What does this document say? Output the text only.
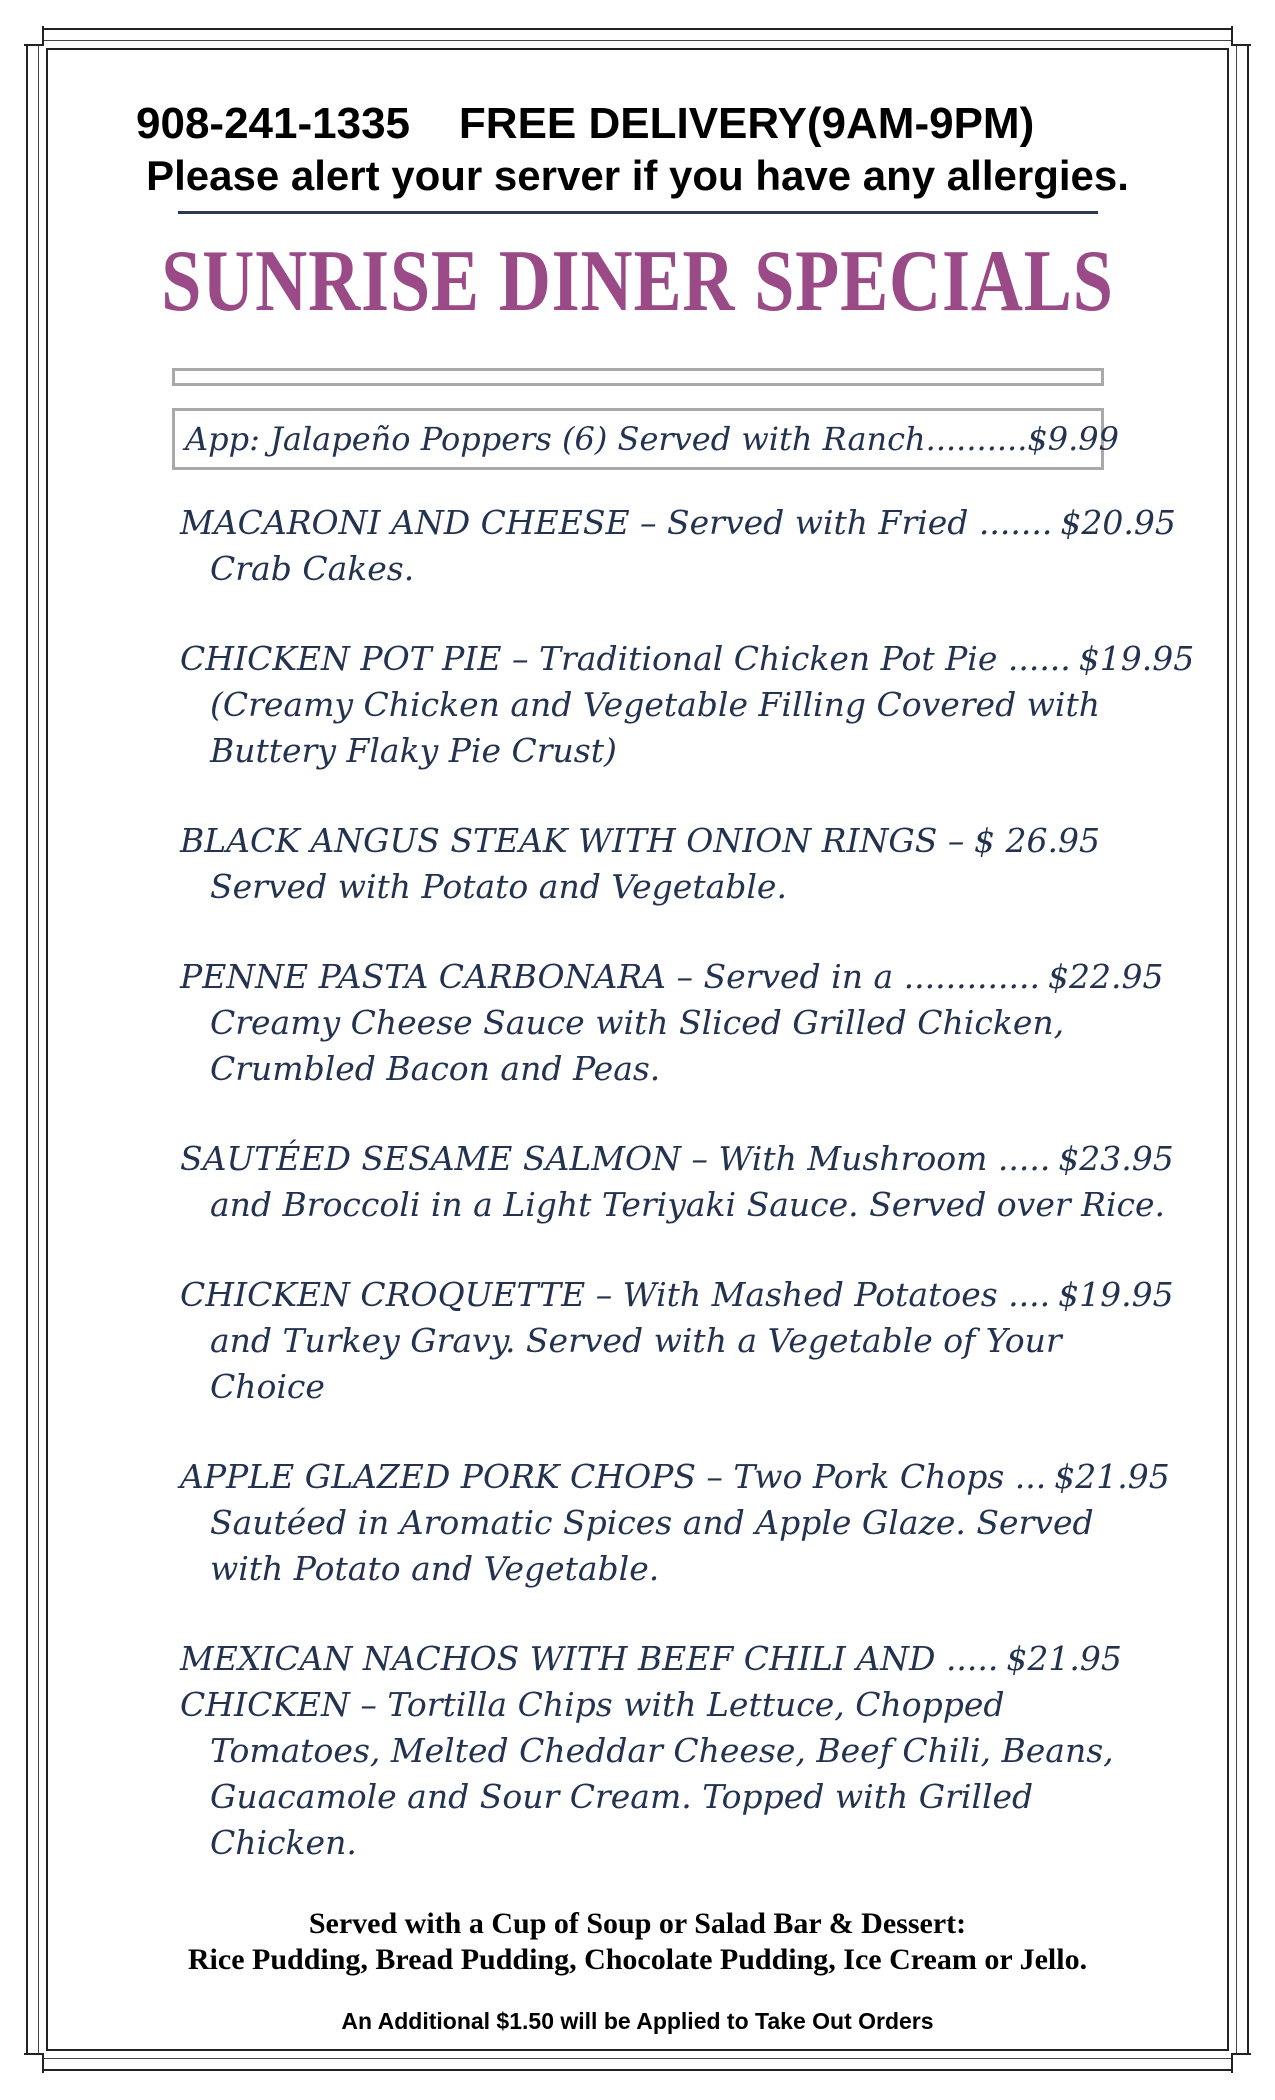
908-241-1335    FREE DELIVERY(9AM-9PM)
Please alert your server if you have any allergies.
SUNRISE DINER SPECIALS
App: Jalapeño Poppers (6) Served with Ranch..........$9.99
MACARONI AND CHEESE – Served with Fried ....... $20.95
Crab Cakes.
CHICKEN POT PIE – Traditional Chicken Pot Pie ...... $19.95
(Creamy Chicken and Vegetable Filling Covered with
Buttery Flaky Pie Crust)
BLACK ANGUS STEAK WITH ONION RINGS – $ 26.95
Served with Potato and Vegetable.
PENNE PASTA CARBONARA – Served in a ............. $22.95
Creamy Cheese Sauce with Sliced Grilled Chicken,
Crumbled Bacon and Peas.
SAUTÉED SESAME SALMON – With Mushroom ..... $23.95
and Broccoli in a Light Teriyaki Sauce. Served over Rice.
CHICKEN CROQUETTE – With Mashed Potatoes .... $19.95
and Turkey Gravy. Served with a Vegetable of Your
Choice
APPLE GLAZED PORK CHOPS – Two Pork Chops ... $21.95
Sautéed in Aromatic Spices and Apple Glaze. Served
with Potato and Vegetable.
MEXICAN NACHOS WITH BEEF CHILI AND ..... $21.95
CHICKEN – Tortilla Chips with Lettuce, Chopped
Tomatoes, Melted Cheddar Cheese, Beef Chili, Beans,
Guacamole and Sour Cream. Topped with Grilled
Chicken.
Served with a Cup of Soup or Salad Bar & Dessert:
Rice Pudding, Bread Pudding, Chocolate Pudding, Ice Cream or Jello.
An Additional $1.50 will be Applied to Take Out Orders
